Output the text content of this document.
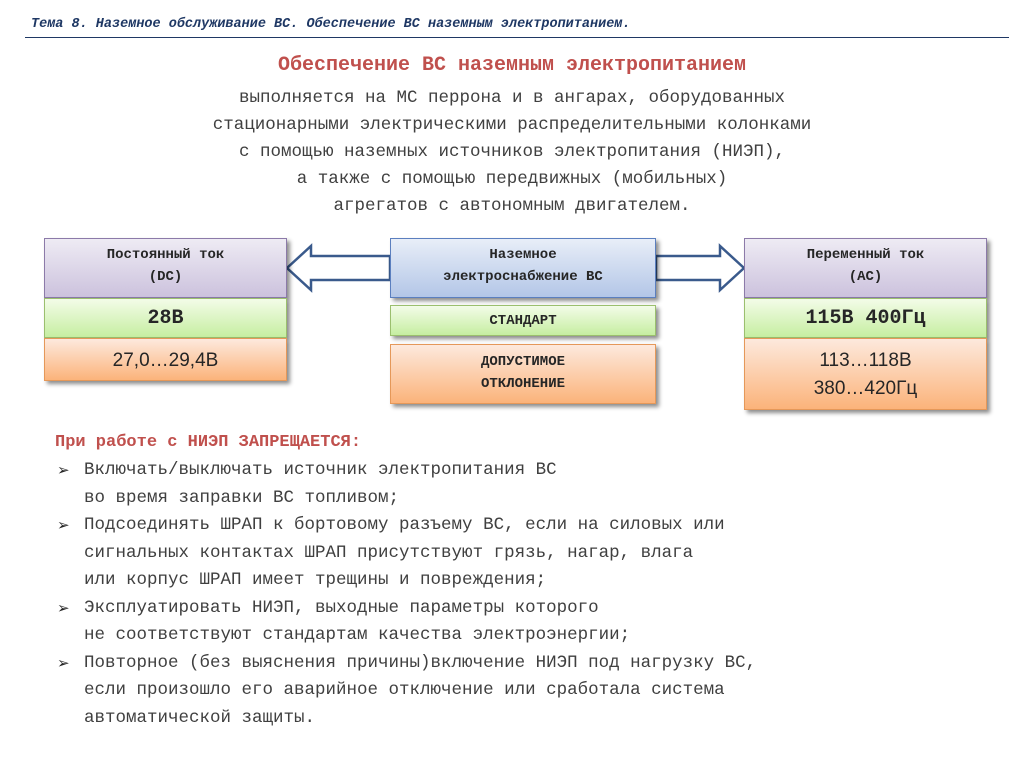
Тема 8. Наземное обслуживание ВС. Обеспечение ВС наземным электропитанием.
Обеспечение ВС наземным электропитанием
выполняется на МС перрона и в ангарах, оборудованных
стационарными электрическими распределительными колонками
с помощью наземных источников электропитания (НИЭП),
а также с помощью передвижных (мобильных)
агрегатов с автономным двигателем.
Постоянный ток
(DC)
28В
27,0…29,4В
Наземное
электроснабжение ВС
СТАНДАРТ
ДОПУСТИМОЕ
ОТКЛОНЕНИЕ
Переменный ток
(АС)
115В 400Гц
113…118В
380…420Гц
При работе с НИЭП ЗАПРЕЩАЕТСЯ:
➢ Включать/выключать источник электропитания ВС
во время заправки ВС топливом;
➢ Подсоединять ШРАП к бортовому разъему ВС, если на силовых или
сигнальных контактах ШРАП присутствуют грязь, нагар, влага
или корпус ШРАП имеет трещины и повреждения;
➢ Эксплуатировать НИЭП, выходные параметры которого
не соответствуют стандартам качества электроэнергии;
➢ Повторное (без выяснения причины)включение НИЭП под нагрузку ВС,
если произошло его аварийное отключение или сработала система
автоматической защиты.
